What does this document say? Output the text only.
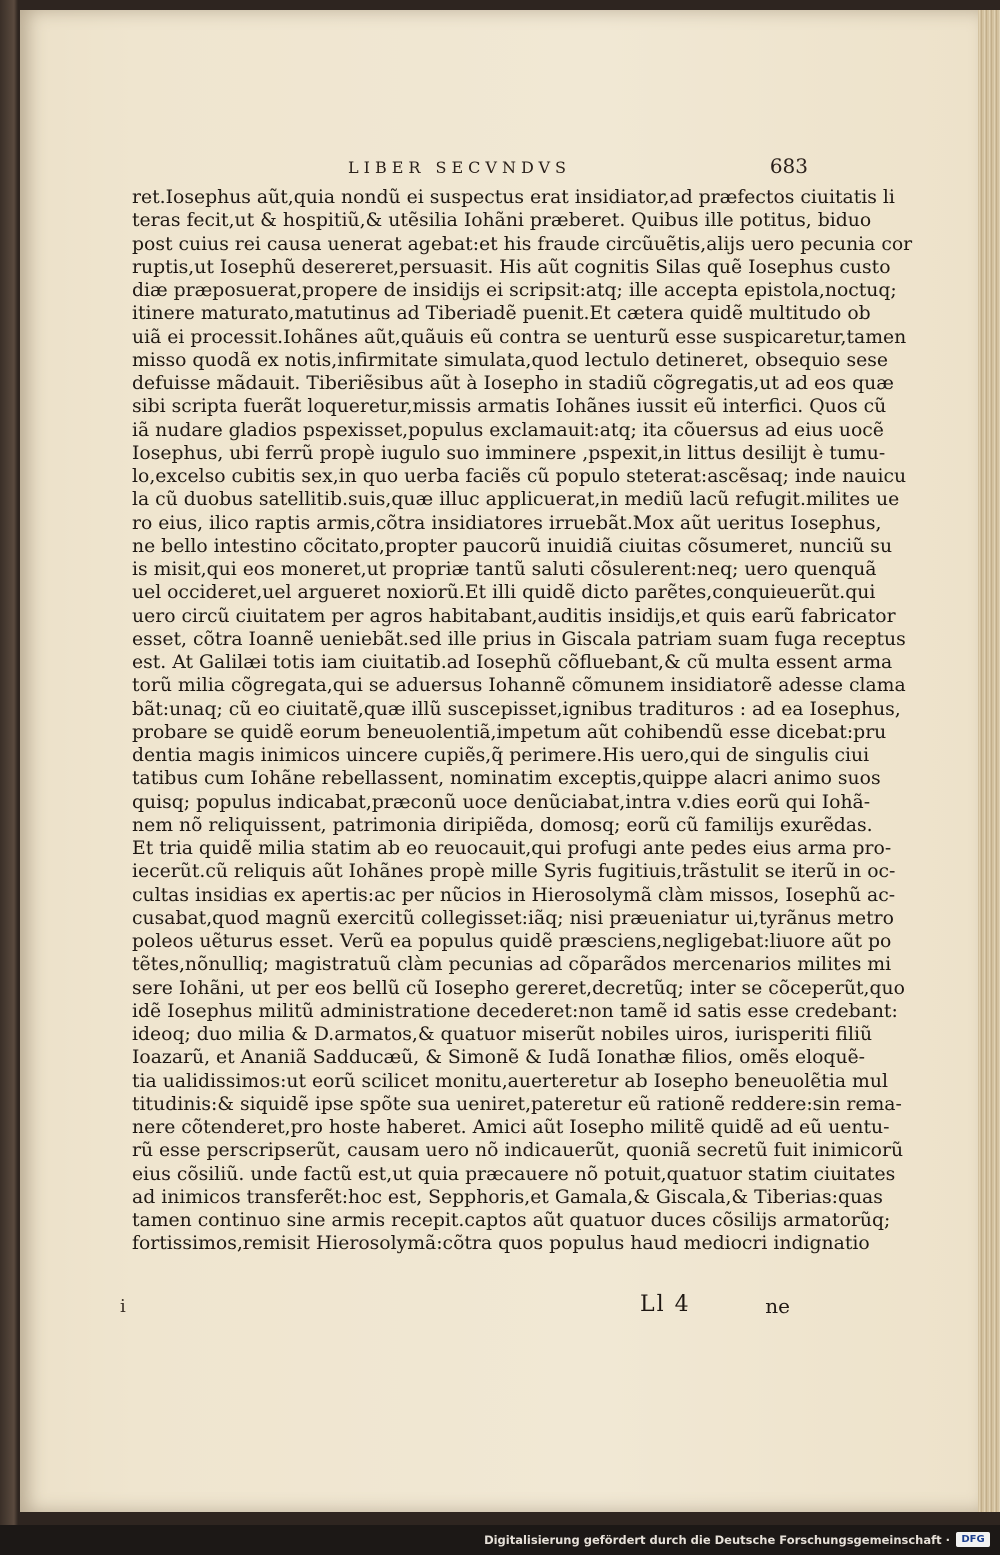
LIBER SECVNDVS	683
ret.Iosephus aũt,quia nondũ ei suspectus erat insidiator,ad præfectos ciuitatis li
teras fecit,ut & hospitiũ,& utẽsilia Iohãni præberet. Quibus ille potitus, biduo
post cuius rei causa uenerat agebat:et his fraude circũuẽtis,alijs uero pecunia cor
ruptis,ut Iosephũ desereret,persuasit. His aũt cognitis Silas quẽ Iosephus custo
diæ præposuerat,propere de insidijs ei scripsit:atq; ille accepta epistola,noctuq;
itinere maturato,matutinus ad Tiberiadẽ puenit.Et cætera quidẽ multitudo ob
uiã ei processit.Iohãnes aũt,quãuis eũ contra se uenturũ esse suspicaretur,tamen
misso quodã ex notis,infirmitate simulata,quod lectulo detineret, obsequio sese
defuisse mãdauit. Tiberiẽsibus aũt à Iosepho in stadiũ cõgregatis,ut ad eos quæ
sibi scripta fuerãt loqueretur,missis armatis Iohãnes iussit eũ interfici. Quos cũ
iã nudare gladios pspexisset,populus exclamauit:atq; ita cõuersus ad eius uocẽ
Iosephus, ubi ferrũ propè iugulo suo imminere ,pspexit,in littus desilijt è tumu-
lo,excelso cubitis sex,in quo uerba faciẽs cũ populo steterat:ascẽsaq; inde nauicu
la cũ duobus satellitib.suis,quæ illuc applicuerat,in mediũ lacũ refugit.milites ue
ro eius, ilico raptis armis,cõtra insidiatores irruebãt.Mox aũt ueritus Iosephus,
ne bello intestino cõcitato,propter paucorũ inuidiã ciuitas cõsumeret, nunciũ su
is misit,qui eos moneret,ut propriæ tantũ saluti cõsulerent:neq; uero quenquã
uel occideret,uel argueret noxiorũ.Et illi quidẽ dicto parẽtes,conquieuerũt.qui
uero circũ ciuitatem per agros habitabant,auditis insidijs,et quis earũ fabricator
esset, cõtra Ioannẽ ueniebãt.sed ille prius in Giscala patriam suam fuga receptus
est. At Galilæi totis iam ciuitatib.ad Iosephũ cõfluebant,& cũ multa essent arma
torũ milia cõgregata,qui se aduersus Iohannẽ cõmunem insidiatorẽ adesse clama
bãt:unaq; cũ eo ciuitatẽ,quæ illũ suscepisset,ignibus tradituros : ad ea Iosephus,
probare se quidẽ eorum beneuolentiã,impetum aũt cohibendũ esse dicebat:pru
dentia magis inimicos uincere cupiẽs,q̃ perimere.His uero,qui de singulis ciui
tatibus cum Iohãne rebellassent, nominatim exceptis,quippe alacri animo suos
quisq; populus indicabat,præconũ uoce denũciabat,intra v.dies eorũ qui Iohã-
nem nõ reliquissent, patrimonia diripiẽda, domosq; eorũ cũ familijs exurẽdas.
Et tria quidẽ milia statim ab eo reuocauit,qui profugi ante pedes eius arma pro-
iecerũt.cũ reliquis aũt Iohãnes propè mille Syris fugitiuis,trãstulit se iterũ in oc-
cultas insidias ex apertis:ac per nũcios in Hierosolymã clàm missos, Iosephũ ac-
cusabat,quod magnũ exercitũ collegisset:iãq; nisi præueniatur ui,tyrãnus metro
poleos uẽturus esset. Verũ ea populus quidẽ præsciens,negligebat:liuore aũt po
tẽtes,nõnulliq; magistratuũ clàm pecunias ad cõparãdos mercenarios milites mi
sere Iohãni, ut per eos bellũ cũ Iosepho gereret,decretũq; inter se cõceperũt,quo
idẽ Iosephus militũ administratione decederet:non tamẽ id satis esse credebant:
ideoq; duo milia & D.armatos,& quatuor miserũt nobiles uiros, iurisperiti filiũ
Ioazarũ, et Ananiã Sadducæũ, & Simonẽ & Iudã Ionathæ filios, omẽs eloquẽ-
tia ualidissimos:ut eorũ scilicet monitu,auerteretur ab Iosepho beneuolẽtia mul
titudinis:& siquidẽ ipse spõte sua ueniret,pateretur eũ rationẽ reddere:sin rema-
nere cõtenderet,pro hoste haberet. Amici aũt Iosepho militẽ quidẽ ad eũ uentu-
rũ esse perscripserũt, causam uero nõ indicauerũt, quoniã secretũ fuit inimicorũ
eius cõsiliũ. unde factũ est,ut quia præcauere nõ potuit,quatuor statim ciuitates
ad inimicos transferẽt:hoc est, Sepphoris,et Gamala,& Giscala,& Tiberias:quas
tamen continuo sine armis recepit.captos aũt quatuor duces cõsilijs armatorũq;
fortissimos,remisit Hierosolymã:cõtra quos populus haud mediocri indignatio
i	Ll 4	ne
Digitalisierung gefördert durch die Deutsche Forschungsgemeinschaft ·	DFG
